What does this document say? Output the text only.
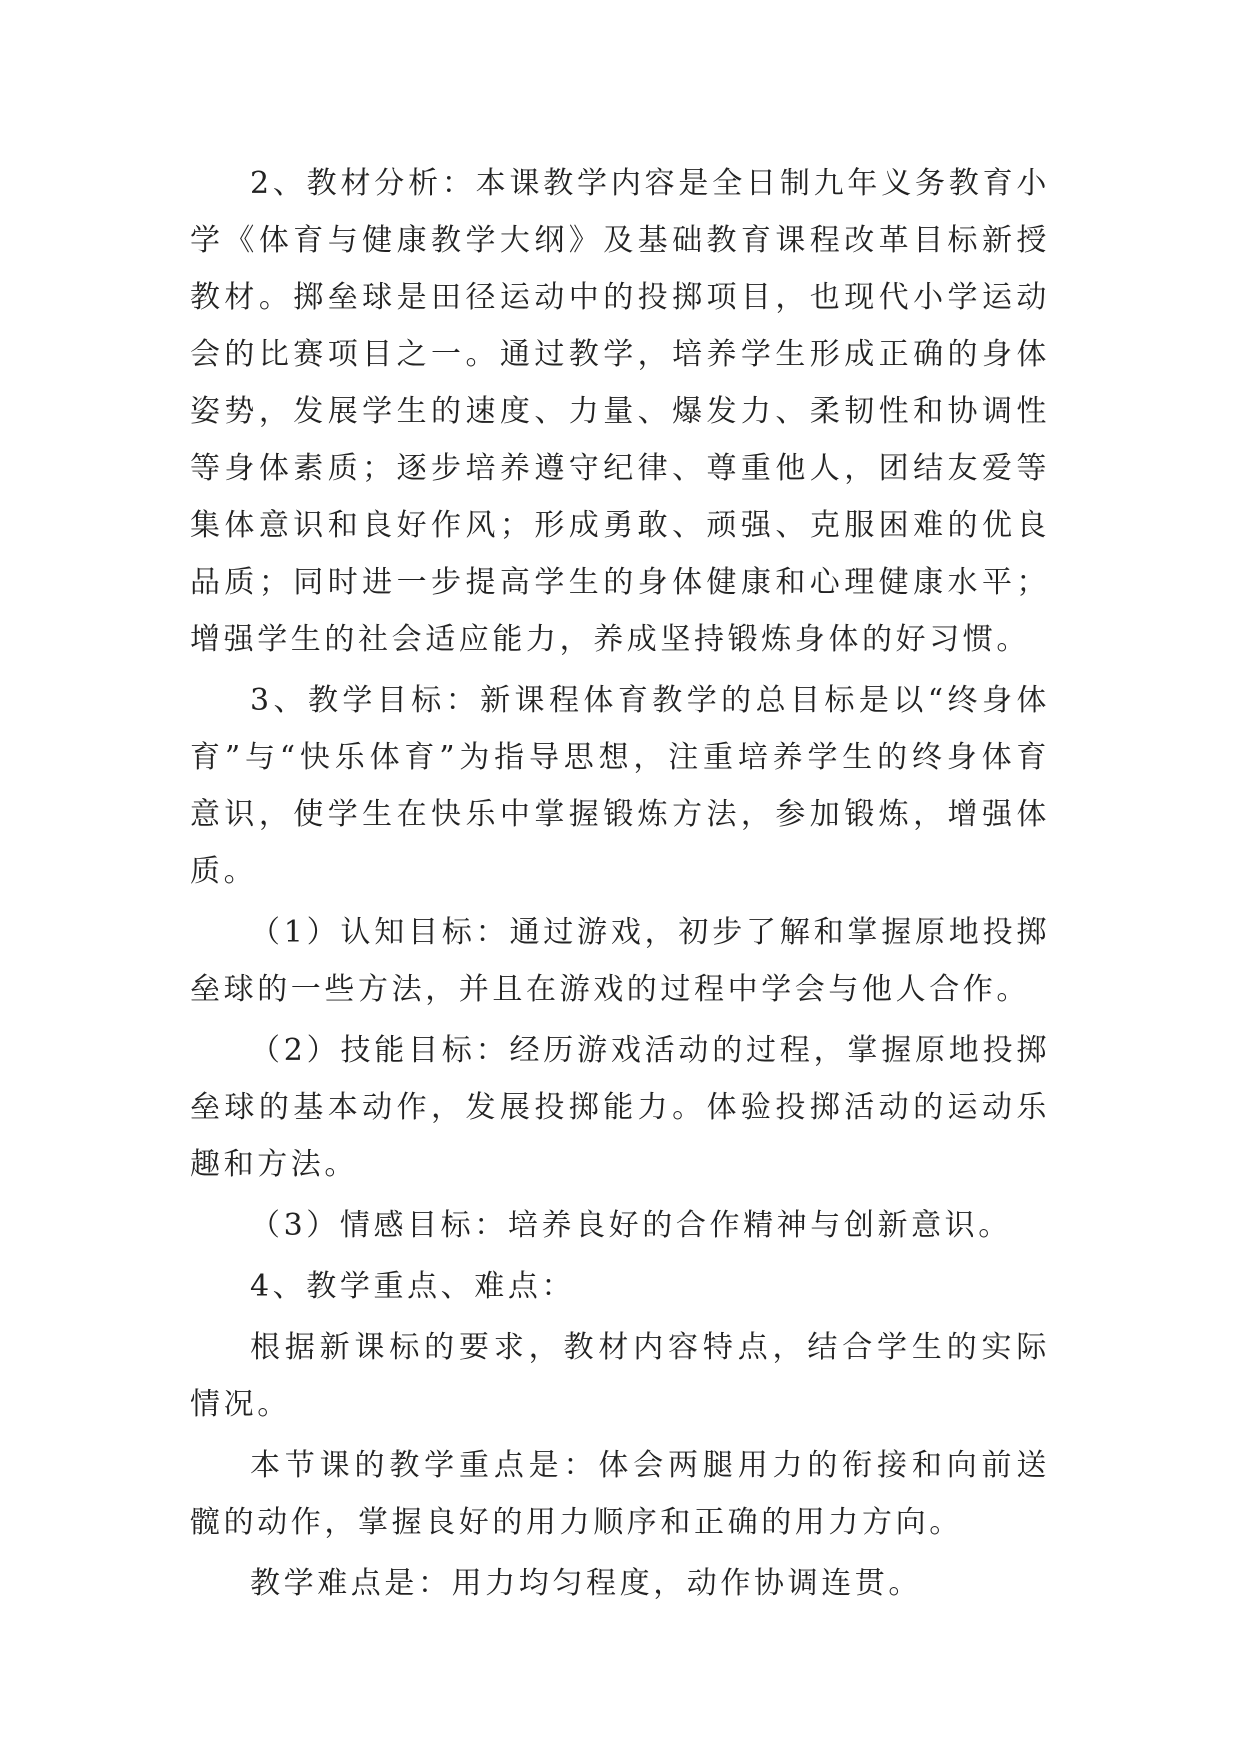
2、教材分析：本课教学内容是全日制九年义务教育小学《体育与健康教学大纲》及基础教育课程改革目标新授教材。掷垒球是田径运动中的投掷项目，也现代小学运动会的比赛项目之一。通过教学，培养学生形成正确的身体姿势，发展学生的速度、力量、爆发力、柔韧性和协调性等身体素质；逐步培养遵守纪律、尊重他人，团结友爱等集体意识和良好作风；形成勇敢、顽强、克服困难的优良品质；同时进一步提高学生的身体健康和心理健康水平；增强学生的社会适应能力，养成坚持锻炼身体的好习惯。

3、教学目标：新课程体育教学的总目标是以“终身体育”与“快乐体育”为指导思想，注重培养学生的终身体育意识，使学生在快乐中掌握锻炼方法，参加锻炼，增强体质。

（1）认知目标：通过游戏，初步了解和掌握原地投掷垒球的一些方法，并且在游戏的过程中学会与他人合作。

（2）技能目标：经历游戏活动的过程，掌握原地投掷垒球的基本动作，发展投掷能力。体验投掷活动的运动乐趣和方法。

（3）情感目标：培养良好的合作精神与创新意识。

4、教学重点、难点：

根据新课标的要求，教材内容特点，结合学生的实际情况。

本节课的教学重点是：体会两腿用力的衔接和向前送髋的动作，掌握良好的用力顺序和正确的用力方向。

教学难点是：用力均匀程度，动作协调连贯。
